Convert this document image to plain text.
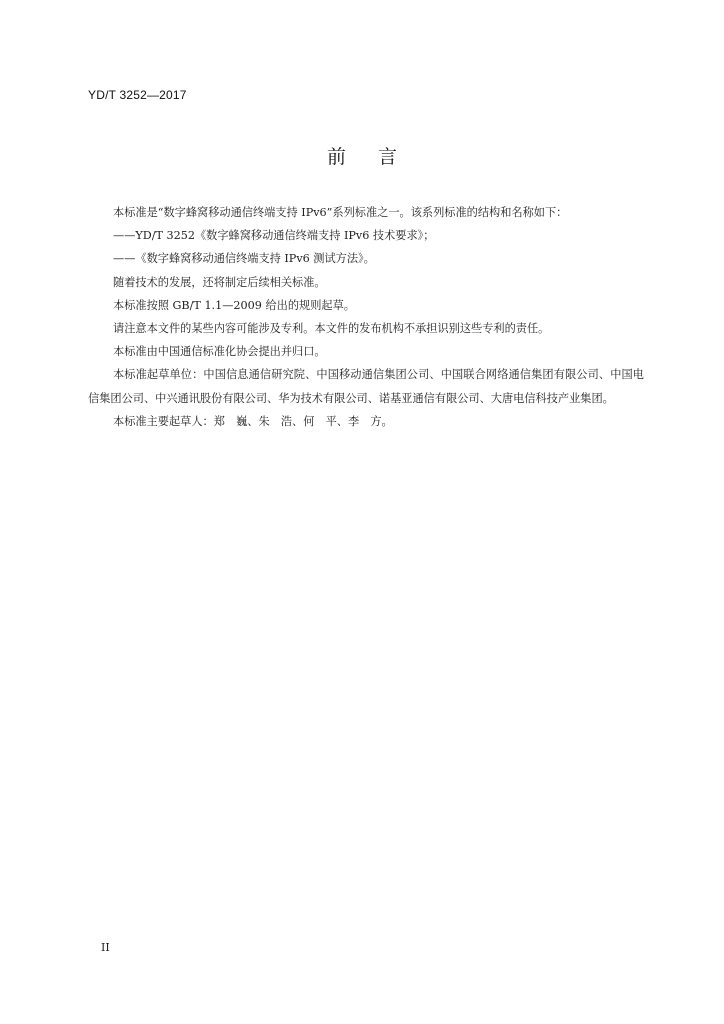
YD/T 3252—2017
前 言

本标准是“数字蜂窝移动通信终端支持 IPv6”系列标准之一。该系列标准的结构和名称如下：

——YD/T 3252《数字蜂窝移动通信终端支持 IPv6 技术要求》；

——《数字蜂窝移动通信终端支持 IPv6 测试方法》。

随着技术的发展，还将制定后续相关标准。

本标准按照 GB/T 1.1—2009 给出的规则起草。

请注意本文件的某些内容可能涉及专利。本文件的发布机构不承担识别这些专利的责任。

本标准由中国通信标准化协会提出并归口。

本标准起草单位：中国信息通信研究院、中国移动通信集团公司、中国联合网络通信集团有限公司、中国电信集团公司、中兴通讯股份有限公司、华为技术有限公司、诺基亚通信有限公司、大唐电信科技产业集团。

本标准主要起草人：郑　巍、朱　浩、何　平、李　方。

II
